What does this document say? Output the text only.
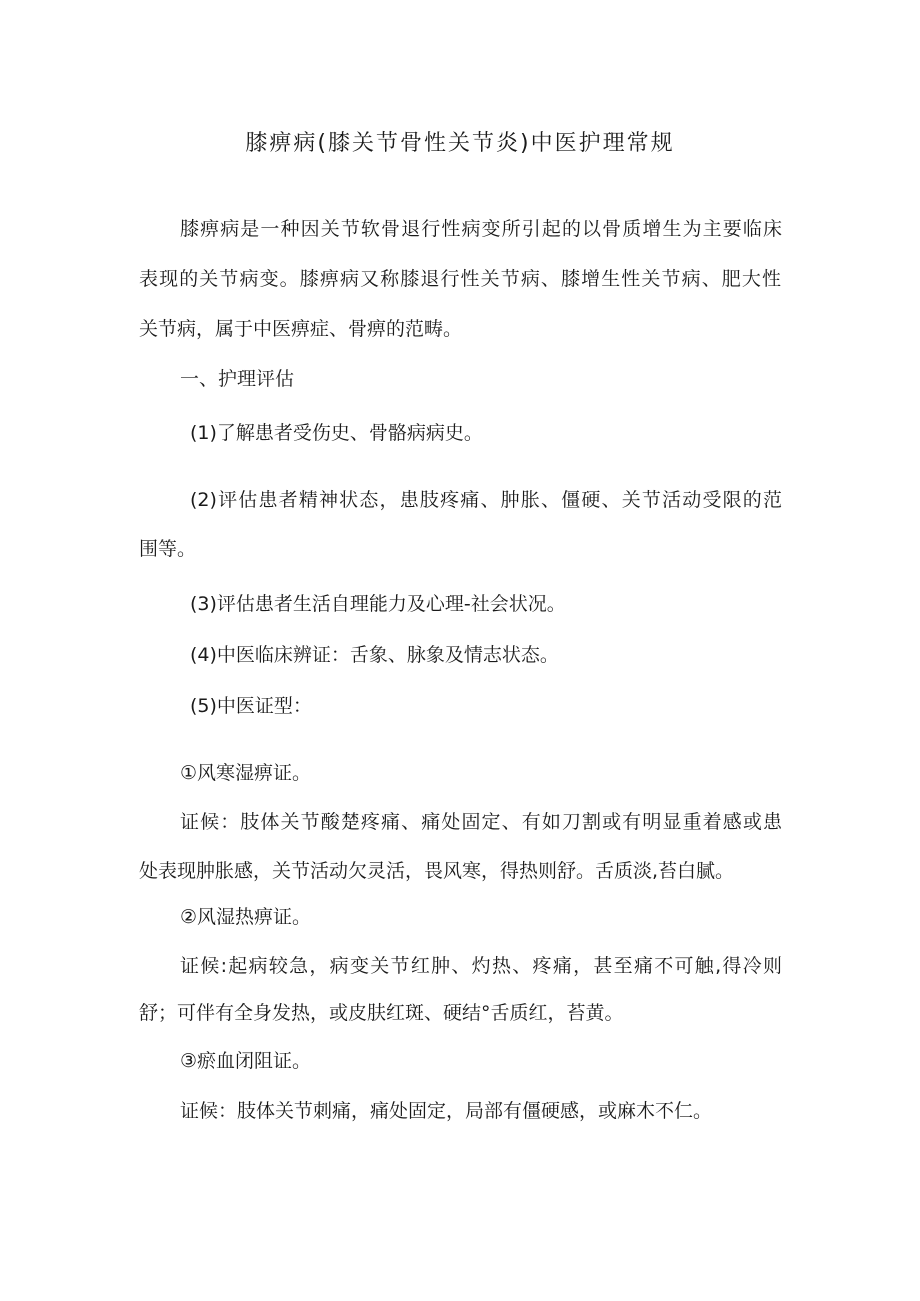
膝痹病(膝关节骨性关节炎)中医护理常规
膝痹病是一种因关节软骨退行性病变所引起的以骨质增生为主要临床
表现的关节病变。膝痹病又称膝退行性关节病、膝增生性关节病、肥大性
关节病，属于中医痹症、骨痹的范畴。
一、护理评估
(1)了解患者受伤史、骨骼病病史。
(2)评估患者精神状态，患肢疼痛、肿胀、僵硬、关节活动受限的范
围等。
(3)评估患者生活自理能力及心理-社会状况。
(4)中医临床辨证：舌象、脉象及情志状态。
(5)中医证型：
①风寒湿痹证。
证候：肢体关节酸楚疼痛、痛处固定、有如刀割或有明显重着感或患
处表现肿胀感，关节活动欠灵活，畏风寒，得热则舒。舌质淡,苔白腻。
②风湿热痹证。
证候:起病较急，病变关节红肿、灼热、疼痛，甚至痛不可触,得冷则
舒；可伴有全身发热，或皮肤红斑、硬结°舌质红，苔黄。
③瘀血闭阻证。
证候：肢体关节刺痛，痛处固定，局部有僵硬感，或麻木不仁。
